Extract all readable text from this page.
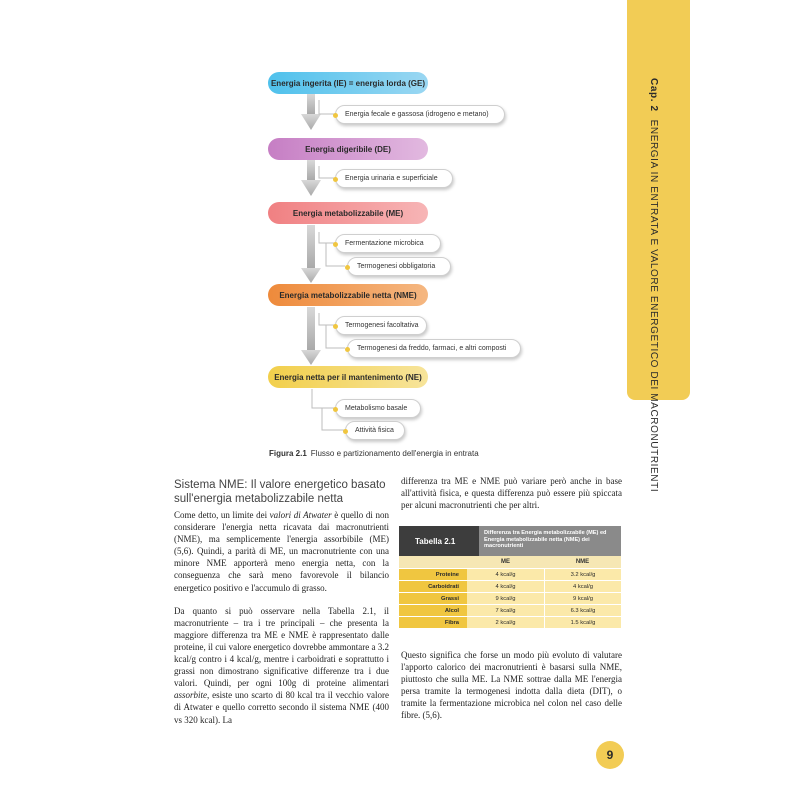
Cap. 2ENERGIA IN ENTRATA E VALORE ENERGETICO DEI MACRONUTRIENTI
Energia ingerita (IE) = energia lorda (GE)
Energia fecale e gassosa (idrogeno e metano)
Energia digeribile (DE)
Energia urinaria e superficiale
Energia metabolizzabile (ME)
Fermentazione microbica
Termogenesi obbligatoria
Energia metabolizzabile netta (NME)
Termogenesi facoltativa
Termogenesi da freddo, farmaci, e altri composti
Energia netta per il mantenimento (NE)
Metabolismo basale
Attività fisica
Figura 2.1 Flusso e partizionamento dell'energia in entrata
Sistema NME: Il valore energetico basato sull'energia metabolizzabile netta

Come detto, un limite dei valori di Atwater è quello di non considerare l'energia netta ricavata dai macronutrienti (NME), ma semplicemente l'energia assorbibile (ME) (5,6). Quindi, a parità di ME, un macronutriente con una minore NME apporterà meno energia netta, con la conseguenza che sarà meno favorevole il bilancio energetico positivo e l'accumulo di grasso.

Da quanto si può osservare nella Tabella 2.1, il macronutriente – tra i tre principali – che presenta la maggiore differenza tra ME e NME è rappresentato dalle proteine, il cui valore energetico dovrebbe ammontare a 3.2 kcal/g contro i 4 kcal/g, mentre i carboidrati e soprattutto i grassi non dimostrano significative differenze tra i due valori. Quindi, per ogni 100g di proteine alimentari assorbite, esiste uno scarto di 80 kcal tra il vecchio valore di Atwater e quello corretto secondo il sistema NME (400 vs 320 kcal). La

differenza tra ME e NME può variare però anche in base all'attività fisica, e questa differenza può essere più spiccata per alcuni macronutrienti che per altri.

Tabella 2.1
Differenza tra Energia metabolizzabile (ME) ed Energia metabolizzabile netta (NME) dei macronutrienti
ME	NME
Proteine	4 kcal/g	3.2 kcal/g
Carboidrati	4 kcal/g	4 kcal/g
Grassi	9 kcal/g	9 kcal/g
Alcol	7 kcal/g	6.3 kcal/g
Fibra	2 kcal/g	1.5 kcal/g

Questo significa che forse un modo più evoluto di valutare l'apporto calorico dei macronutrienti è basarsi sulla NME, piuttosto che sulla ME. La NME sottrae dalla ME l'energia persa tramite la termogenesi indotta dalla dieta (DIT), o tramite la fermentazione microbica nel colon nel caso delle fibre. (5,6).

9
